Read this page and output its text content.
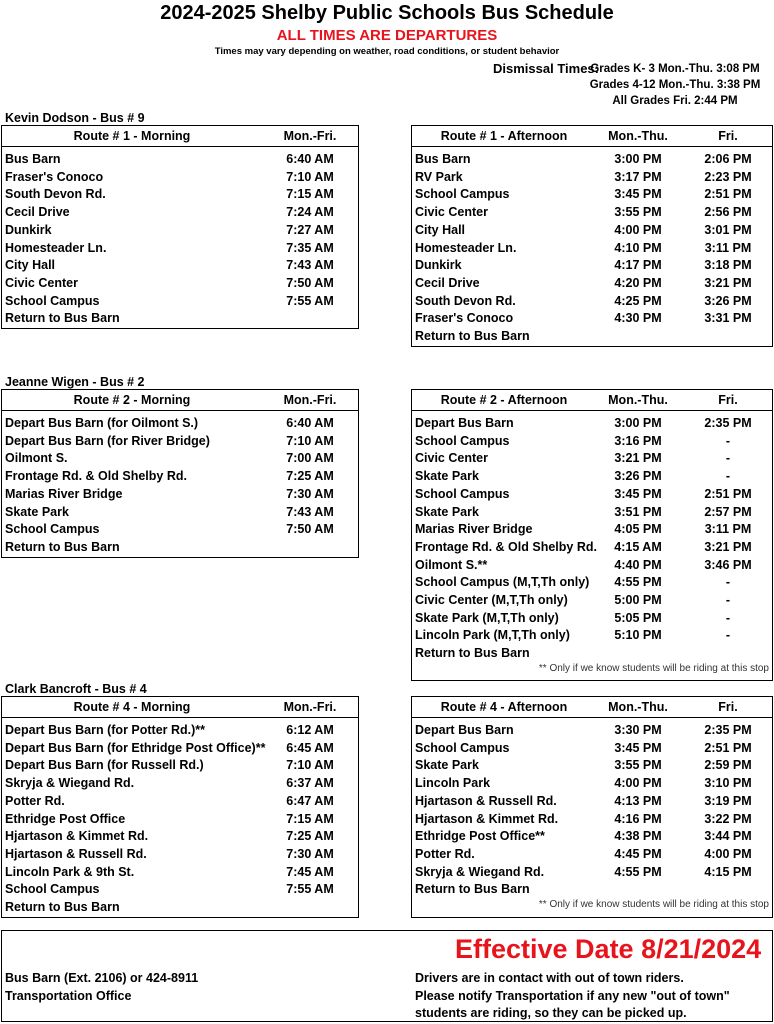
2024-2025 Shelby Public Schools Bus Schedule
ALL TIMES ARE DEPARTURES
Times may vary depending on weather, road conditions, or student behavior
Dismissal Times:
Grades K- 3 Mon.-Thu. 3:08 PM
Grades 4-12 Mon.-Thu. 3:38 PM
All Grades Fri. 2:44 PM
Kevin Dodson - Bus # 9
Route # 1 - Morning	Mon.-Fri.
Bus Barn	6:40 AM
Fraser's Conoco	7:10 AM
South Devon Rd.	7:15 AM
Cecil Drive	7:24 AM
Dunkirk	7:27 AM
Homesteader Ln.	7:35 AM
City Hall	7:43 AM
Civic Center	7:50 AM
School Campus	7:55 AM
Return to Bus Barn
Route # 1 - Afternoon	Mon.-Thu.	Fri.
Bus Barn	3:00 PM	2:06 PM
RV Park	3:17 PM	2:23 PM
School Campus	3:45 PM	2:51 PM
Civic Center	3:55 PM	2:56 PM
City Hall	4:00 PM	3:01 PM
Homesteader Ln.	4:10 PM	3:11 PM
Dunkirk	4:17 PM	3:18 PM
Cecil Drive	4:20 PM	3:21 PM
South Devon Rd.	4:25 PM	3:26 PM
Fraser's Conoco	4:30 PM	3:31 PM
Return to Bus Barn
Jeanne Wigen - Bus # 2
Route # 2 - Morning	Mon.-Fri.
Depart Bus Barn (for Oilmont S.)	6:40 AM
Depart Bus Barn (for River Bridge)	7:10 AM
Oilmont S.	7:00 AM
Frontage Rd. & Old Shelby Rd.	7:25 AM
Marias River Bridge	7:30 AM
Skate Park	7:43 AM
School Campus	7:50 AM
Return to Bus Barn
Route # 2 - Afternoon	Mon.-Thu.	Fri.
Depart Bus Barn	3:00 PM	2:35 PM
School Campus	3:16 PM	-
Civic Center	3:21 PM	-
Skate Park	3:26 PM	-
School Campus	3:45 PM	2:51 PM
Skate Park	3:51 PM	2:57 PM
Marias River Bridge	4:05 PM	3:11 PM
Frontage Rd. & Old Shelby Rd.	4:15 AM	3:21 PM
Oilmont S.**	4:40 PM	3:46 PM
School Campus (M,T,Th only)	4:55 PM	-
Civic Center (M,T,Th only)	5:00 PM	-
Skate Park (M,T,Th only)	5:05 PM	-
Lincoln Park (M,T,Th only)	5:10 PM	-
Return to Bus Barn
** Only if we know students will be riding at this stop
Clark Bancroft - Bus # 4
Route # 4 - Morning	Mon.-Fri.
Depart Bus Barn (for Potter Rd.)**	6:12 AM
Depart Bus Barn (for Ethridge Post Office)**	6:45 AM
Depart Bus Barn (for Russell Rd.)	7:10 AM
Skryja & Wiegand Rd.	6:37 AM
Potter Rd.	6:47 AM
Ethridge Post Office	7:15 AM
Hjartason & Kimmet Rd.	7:25 AM
Hjartason & Russell Rd.	7:30 AM
Lincoln Park & 9th St.	7:45 AM
School Campus	7:55 AM
Return to Bus Barn
Route # 4 - Afternoon	Mon.-Thu.	Fri.
Depart Bus Barn	3:30 PM	2:35 PM
School Campus	3:45 PM	2:51 PM
Skate Park	3:55 PM	2:59 PM
Lincoln Park	4:00 PM	3:10 PM
Hjartason & Russell Rd.	4:13 PM	3:19 PM
Hjartason & Kimmet Rd.	4:16 PM	3:22 PM
Ethridge Post Office**	4:38 PM	3:44 PM
Potter Rd.	4:45 PM	4:00 PM
Skryja & Wiegand Rd.	4:55 PM	4:15 PM
Return to Bus Barn
** Only if we know students will be riding at this stop
Effective Date 8/21/2024
Bus Barn (Ext. 2106) or 424-8911
Transportation Office
Drivers are in contact with out of town riders.
Please notify Transportation if any new "out of town"
students are riding, so they can be picked up.
